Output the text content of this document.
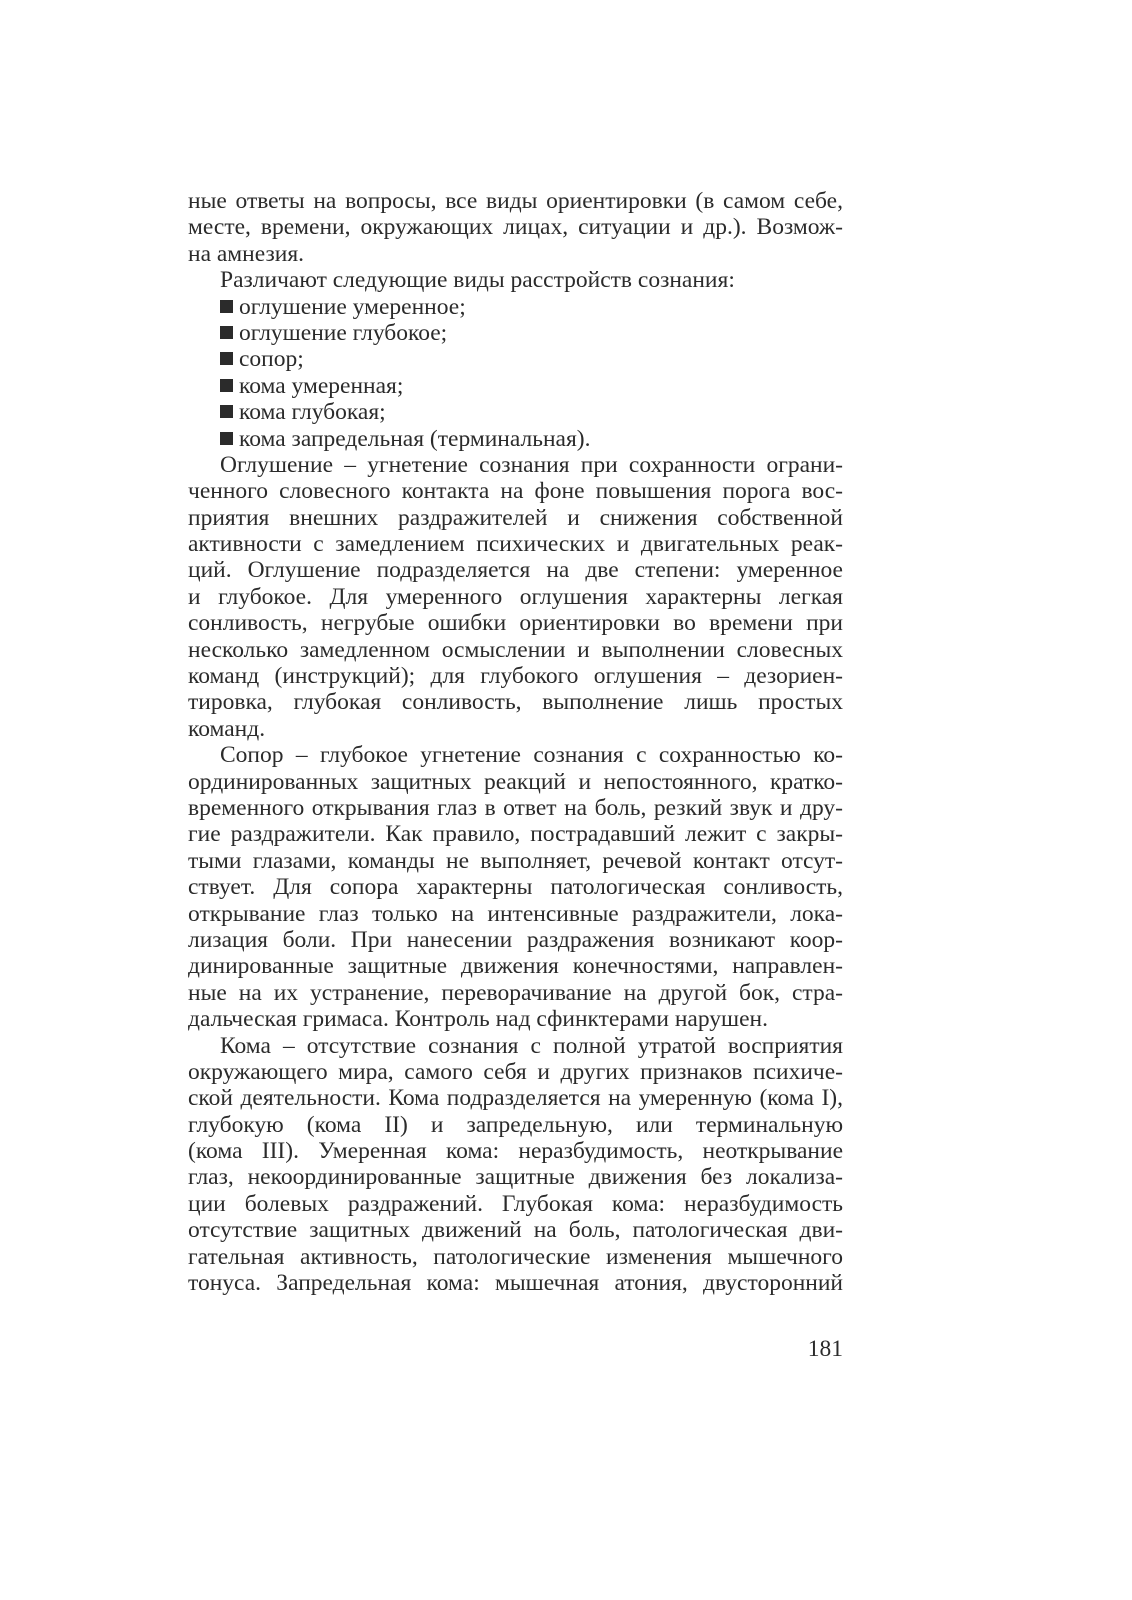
ные ответы на вопросы, все виды ориентировки (в самом себе,
месте, времени, окружающих лицах, ситуации и др.). Возмож-
на амнезия.
Различают следующие виды расстройств сознания:
оглушение умеренное;
оглушение глубокое;
сопор;
кома умеренная;
кома глубокая;
кома запредельная (терминальная).
Оглушение – угнетение сознания при сохранности ограни-
ченного словесного контакта на фоне повышения порога вос-
приятия внешних раздражителей и снижения собственной
активности с замедлением психических и двигательных реак-
ций. Оглушение подразделяется на две степени: умеренное
и глубокое. Для умеренного оглушения характерны легкая
сонливость, негрубые ошибки ориентировки во времени при
несколько замедленном осмыслении и выполнении словесных
команд (инструкций); для глубокого оглушения – дезориен-
тировка, глубокая сонливость, выполнение лишь простых
команд.
Сопор – глубокое угнетение сознания с сохранностью ко-
ординированных защитных реакций и непостоянного, кратко-
временного открывания глаз в ответ на боль, резкий звук и дру-
гие раздражители. Как правило, пострадавший лежит с закры-
тыми глазами, команды не выполняет, речевой контакт отсут-
ствует. Для сопора характерны патологическая сонливость,
открывание глаз только на интенсивные раздражители, лока-
лизация боли. При нанесении раздражения возникают коор-
динированные защитные движения конечностями, направлен-
ные на их устранение, переворачивание на другой бок, стра-
дальческая гримаса. Контроль над сфинктерами нарушен.
Кома – отсутствие сознания с полной утратой восприятия
окружающего мира, самого себя и других признаков психиче-
ской деятельности. Кома подразделяется на умеренную (кома I),
глубокую (кома II) и запредельную, или терминальную
(кома III). Умеренная кома: неразбудимость, неоткрывание
глаз, некоординированные защитные движения без локализа-
ции болевых раздражений. Глубокая кома: неразбудимость
отсутствие защитных движений на боль, патологическая дви-
гательная активность, патологические изменения мышечного
тонуса. Запредельная кома: мышечная атония, двусторонний
181
